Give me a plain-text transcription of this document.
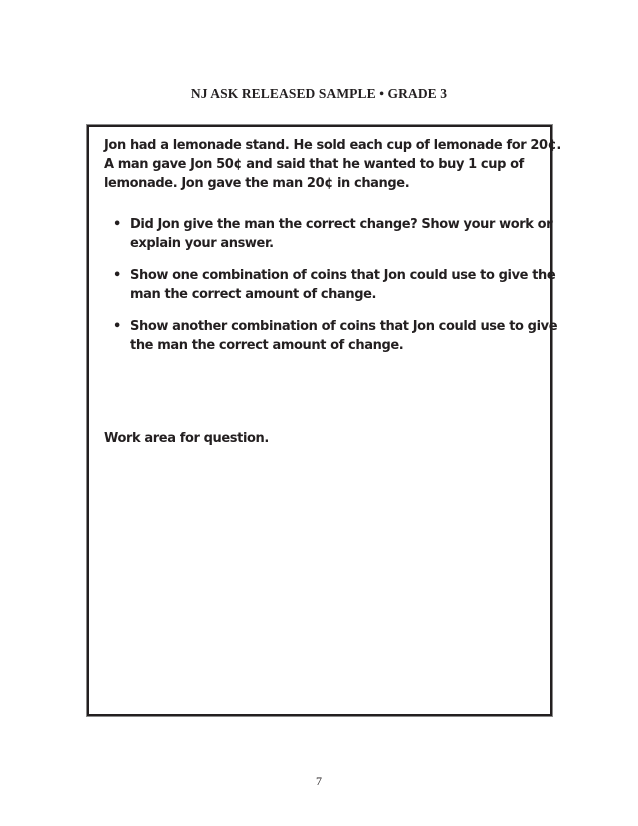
NJ ASK RELEASED SAMPLE • GRADE 3
Jon had a lemonade stand. He sold each cup of lemonade for 20¢.
A man gave Jon 50¢ and said that he wanted to buy 1 cup of
lemonade. Jon gave the man 20¢ in change.
• Did Jon give the man the correct change? Show your work or
explain your answer.
• Show one combination of coins that Jon could use to give the
man the correct amount of change.
• Show another combination of coins that Jon could use to give
the man the correct amount of change.
Work area for question.
7
